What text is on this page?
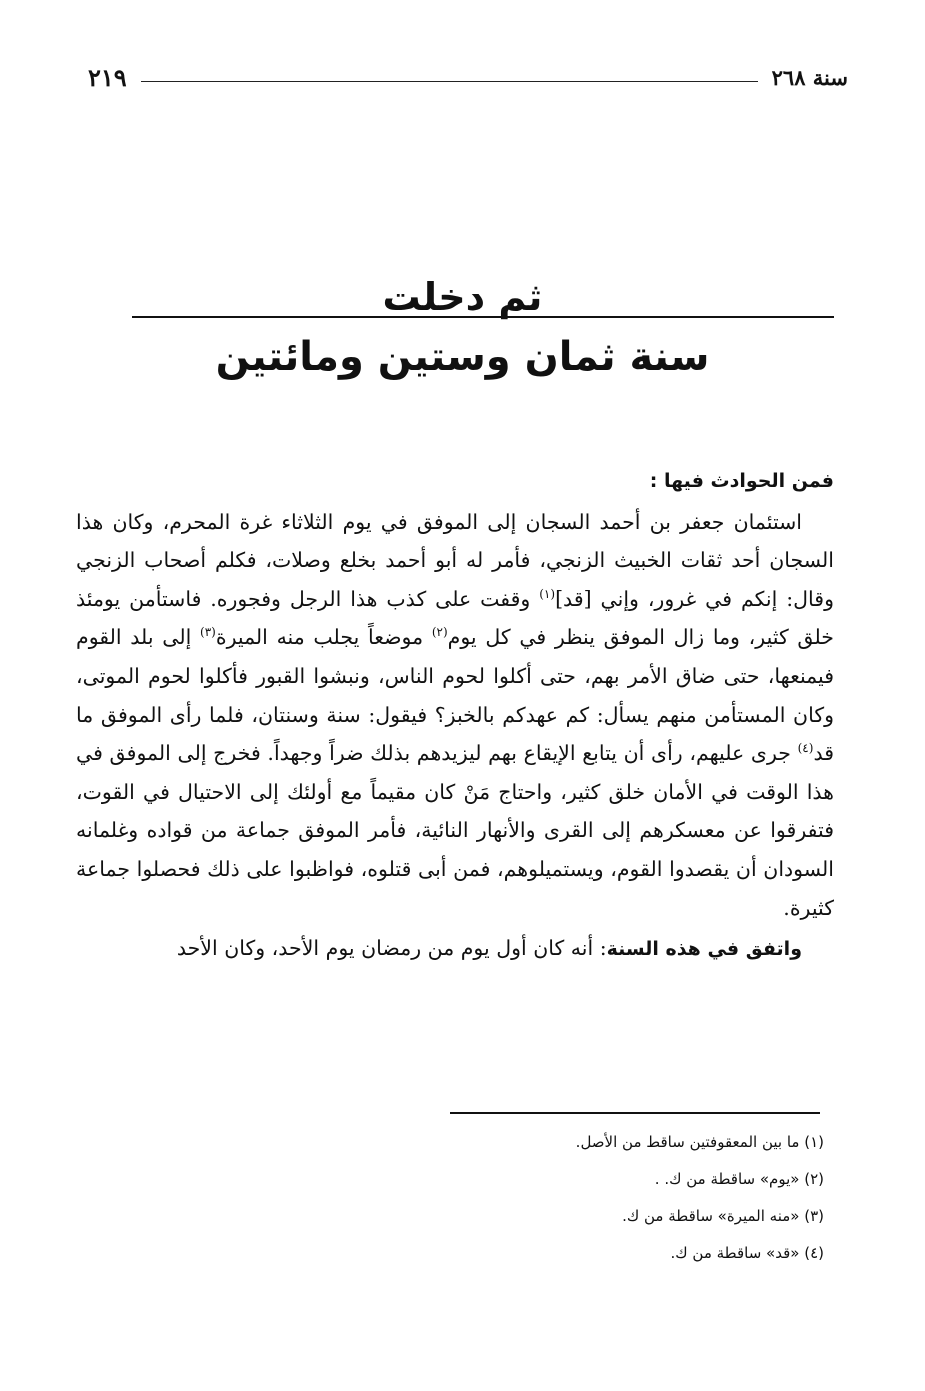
٢١٩	سنة ٢٦٨
ثم دخلت
سنة ثمان وستين ومائتين

فمن الحوادث فيها :

استئمان جعفر بن أحمد السجان إلى الموفق في يوم الثلاثاء غرة المحرم، وكان هذا السجان أحد ثقات الخبيث الزنجي، فأمر له أبو أحمد بخلع وصلات، فكلم أصحاب الزنجي وقال: إنكم في غرور، وإني [قد]$^{(١)}$ وقفت على كذب هذا الرجل وفجوره. فاستأمن يومئذ خلق كثير، وما زال الموفق ينظر في كل يوم$^{(٢)}$ موضعاً يجلب منه الميرة$^{(٣)}$ إلى بلد القوم فيمنعها، حتى ضاق الأمر بهم، حتى أكلوا لحوم الناس، ونبشوا القبور فأكلوا لحوم الموتى، وكان المستأمن منهم يسأل: كم عهدكم بالخبز؟ فيقول: سنة وسنتان، فلما رأى الموفق ما قد$^{(٤)}$ جرى عليهم، رأى أن يتابع الإيقاع بهم ليزيدهم بذلك ضراً وجهداً. فخرج إلى الموفق في هذا الوقت في الأمان خلق كثير، واحتاج مَنْ كان مقيماً مع أولئك إلى الاحتيال في القوت، فتفرقوا عن معسكرهم إلى القرى والأنهار النائية، فأمر الموفق جماعة من قواده وغلمانه السودان أن يقصدوا القوم، ويستميلوهم، فمن أبى قتلوه، فواظبوا على ذلك فحصلوا جماعة كثيرة.

واتفق في هذه السنة: أنه كان أول يوم من رمضان يوم الأحد، وكان الأحد

(١) ما بين المعقوفتين ساقط من الأصل.

(٢) «يوم» ساقطة من ك. .

(٣) «منه الميرة» ساقطة من ك.

(٤) «قد» ساقطة من ك.
